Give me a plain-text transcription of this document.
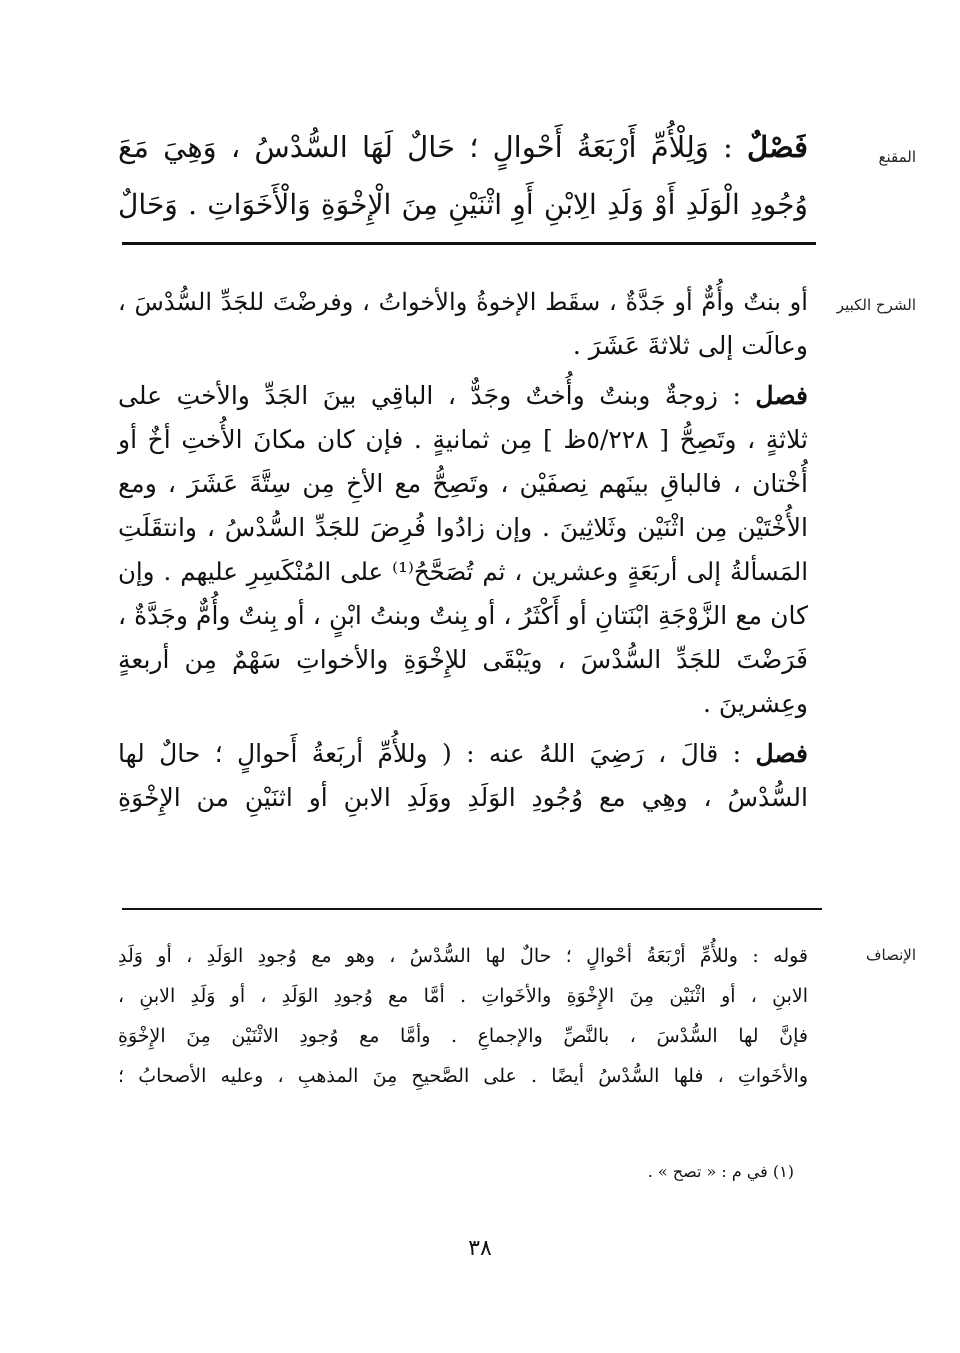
المقنع
الشرح الكبير
الإنصاف
فَصْلٌ : وَلِلْأُمِّ أَرْبَعَةُ أَحْوالٍ ؛ حَالٌ لَهَا السُّدْسُ ، وَهِيَ مَعَ
وُجُودِ الْوَلَدِ أَوْ وَلَدِ الِابْنِ أَوِ اثْنَيْنِ مِنَ الْإِخْوَةِ وَالْأَخَوَاتِ . وَحَالٌ
أو بنتٌ وأُمٌّ أو جَدَّةٌ ، سقَط الإخوةُ والأخواتُ ، وفرضْتَ للجَدِّ السُّدْسَ ،
وعالَت إلى ثلاثةَ عَشَرَ .
فصل : زوجةٌ وبنتٌ وأُختٌ وجَدٌّ ، الباقِي بينَ الجَدِّ والأختِ على
ثلاثةٍ ، وتَصِحُّ [ ٥/٢٢٨ظ ] مِن ثمانيةٍ . فإن كان مكانَ الأُختِ أخٌ أو
أُخْتان ، فالباقِ بينَهم نِصفَيْن ، وتَصِحُّ مع الأخِ مِن سِتَّةَ عَشَرَ ، ومع
الأُخْتَيْن مِن اثْنَيْن وثَلاثِينَ . وإن زادُوا فُرِضَ للجَدِّ السُّدْسُ ، وانتقَلَتِ
المَسألةُ إلى أربَعَةٍ وعشرين ، ثم تُصَحَّحُ⁽¹⁾ على المُنْكَسِرِ عليهم . وإن
كان مع الزَّوْجَةِ ابْنَتانِ أو أَكْثَرُ ، أو بِنتٌ وبنتُ ابْنٍ ، أو بِنتٌ وأُمٌّ وجَدَّةٌ ،
فَرَضْتَ للجَدِّ السُّدْسَ ، ويَبْقَى للإِخْوَةِ والأخواتِ سَهْمٌ مِن أربعةٍ
وعِشرينَ .
فصل : قالَ ، رَضِيَ اللهُ عنه : ( وللأُمِّ أربَعةُ أَحوالٍ ؛ حالٌ لها
السُّدْسُ ، وهِي مع وُجُودِ الوَلَدِ ووَلَدِ الابنِ أو اثنَيْنِ من الإِخْوَةِ
قوله : وللأُمِّ أرْبَعَةُ أحْوالٍ ؛ حالٌ لها السُّدْسُ ، وهو مع وُجودِ الوَلَدِ ، أو وَلَدِ
الابنِ ، أو اثْنَيْن مِنَ الإِخْوَةِ والأخَواتِ . أمَّا مع وُجودِ الوَلَدِ ، أو وَلَدِ الابنِ ،
فإنَّ لها السُّدْسَ ، بالنَّصِّ والإجماعِ . وأمَّا مع وُجودِ الاثْنَيْن مِنَ الإِخْوَةِ
والأخَواتِ ، فلها السُّدْسُ أيضًا . على الصَّحيحِ مِنَ المذهبِ ، وعليه الأصحابُ ؛
(١) في م : « تصح » .
٣٨
